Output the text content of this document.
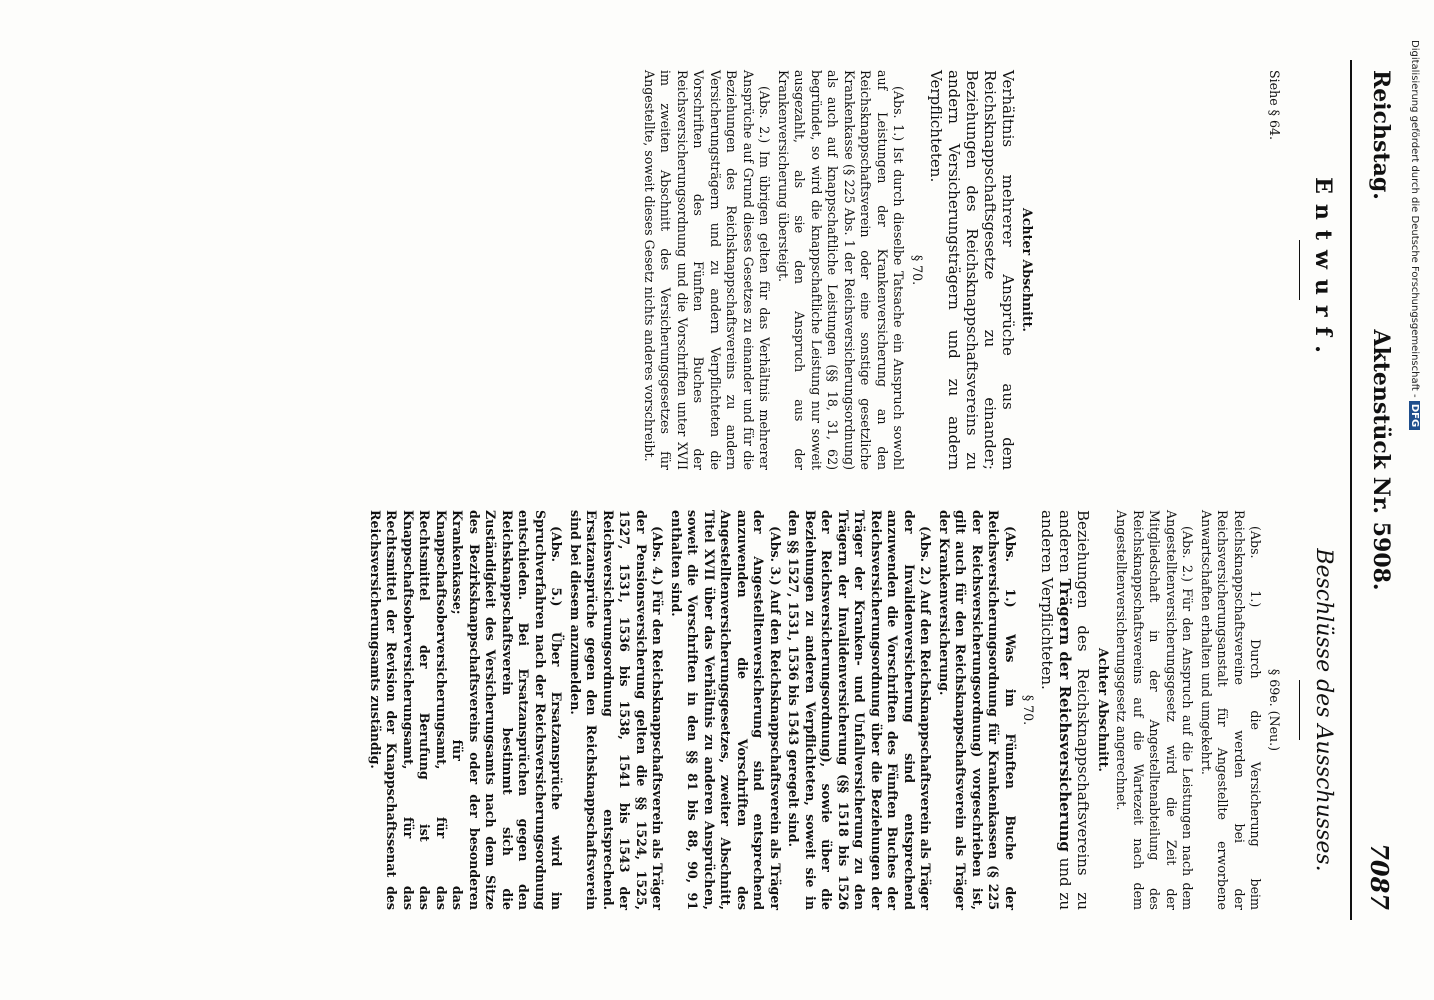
Reichstag.
Aktenstück Nr. 5908.
7087
Entwurf.
Beschlüsse des Ausschusses.

Siehe § 64.

Achter Abschnitt.

Verhältnis mehrerer Ansprüche aus dem Reichsknappschaftsgesetze zu einander; Beziehungen des Reichsknappschaftsvereins zu andern Versicherungsträgern und zu andern Verpflichteten.

§ 70.

(Abs. 1.) Ist durch dieselbe Tatsache ein Anspruch sowohl auf Leistungen der Krankenversicherung an den Reichsknappschaftsverein oder eine sonstige gesetzliche Krankenkasse (§ 225 Abs. 1 der Reichsversicherungsordnung) als auch auf knappschaftliche Leistungen (§§ 18, 31, 62) begründet, so wird die knappschaftliche Leistung nur soweit ausgezahlt, als sie den Anspruch aus der Krankenversicherung übersteigt.

(Abs. 2.) Im übrigen gelten für das Verhältnis mehrerer Ansprüche auf Grund dieses Gesetzes zu einander und für die Beziehungen des Reichsknappschaftsvereins zu andern Versicherungsträgern und zu andern Verpflichteten die Vorschriften des Fünften Buches der Reichsversicherungsordnung und die Vorschriften unter XVII im zweiten Abschnitt des Versicherungsgesetzes für Angestellte, soweit dieses Gesetz nichts anderes vorschreibt.

§ 69e. (Neu.)

(Abs. 1.) Durch die Versicherung beim Reichsknappschaftsvereine werden bei der Reichsversicherungsanstalt für Angestellte erworbene Anwartschaften erhalten und umgekehrt.

(Abs. 2.) Für den Anspruch auf die Leistungen nach dem Angestelltenversicherungsgesetz wird die Zeit der Mitgliedschaft in der Angestelltenabteilung des Reichsknappschaftsvereins auf die Wartezeit nach dem Angestelltenversicherungsgesetz angerechnet.

Achter Abschnitt.

Beziehungen des Reichsknappschaftsvereins zu anderen Trägern der Reichsversicherung und zu anderen Verpflichteten.

§ 70.

(Abs. 1.) Was im Fünften Buche der Reichsversicherungsordnung für Krankenkassen (§ 225 der Reichsversicherungsordnung) vorgeschrieben ist, gilt auch für den Reichsknappschaftsverein als Träger der Krankenversicherung.

(Abs. 2.) Auf den Reichsknappschaftsverein als Träger der Invalidenversicherung sind entsprechend anzuwenden die Vorschriften des Fünften Buches der Reichsversicherungsordnung über die Beziehungen der Träger der Kranken- und Unfallversicherung zu den Trägern der Invalidenversicherung (§§ 1518 bis 1526 der Reichsversicherungsordnung), sowie über die Beziehungen zu anderen Verpflichteten, soweit sie in den §§ 1527, 1531, 1536 bis 1543 geregelt sind.

(Abs. 3.) Auf den Reichsknappschaftsverein als Träger der Angestelltenversicherung sind entsprechend anzuwenden die Vorschriften des Angestelltenversicherungsgesetzes, zweiter Abschnitt, Titel XVII über das Verhältnis zu anderen Ansprüchen, soweit die Vorschriften in den §§ 81 bis 88, 90, 91 enthalten sind.

(Abs. 4.) Für den Reichsknappschaftsverein als Träger der Pensionsversicherung gelten die §§ 1524, 1525, 1527, 1531, 1536 bis 1538, 1541 bis 1543 der Reichsversicherungsordnung entsprechend. Ersatzansprüche gegen den Reichsknappschaftsverein sind bei diesem anzumelden.

(Abs. 5.) Über Ersatzansprüche wird im Spruchverfahren nach der Reichsversicherungsordnung entschieden. Bei Ersatzansprüchen gegen den Reichsknappschaftsverein bestimmt sich die Zuständigkeit des Versicherungsamts nach dem Sitze des Bezirksknappschaftsvereins oder der besonderen Krankenkasse; für das Knappschaftsoberversicherungsamt, für das Rechtsmittel der Berufung ist das Knappschaftsoberversicherungsamt, für das Rechtsmittel der Revision der Knappschaftssenat des Reichsversicherungsamts zuständig.

Digitalisierung gefördert durch die Deutsche Forschungsgemeinschaft - DFG
